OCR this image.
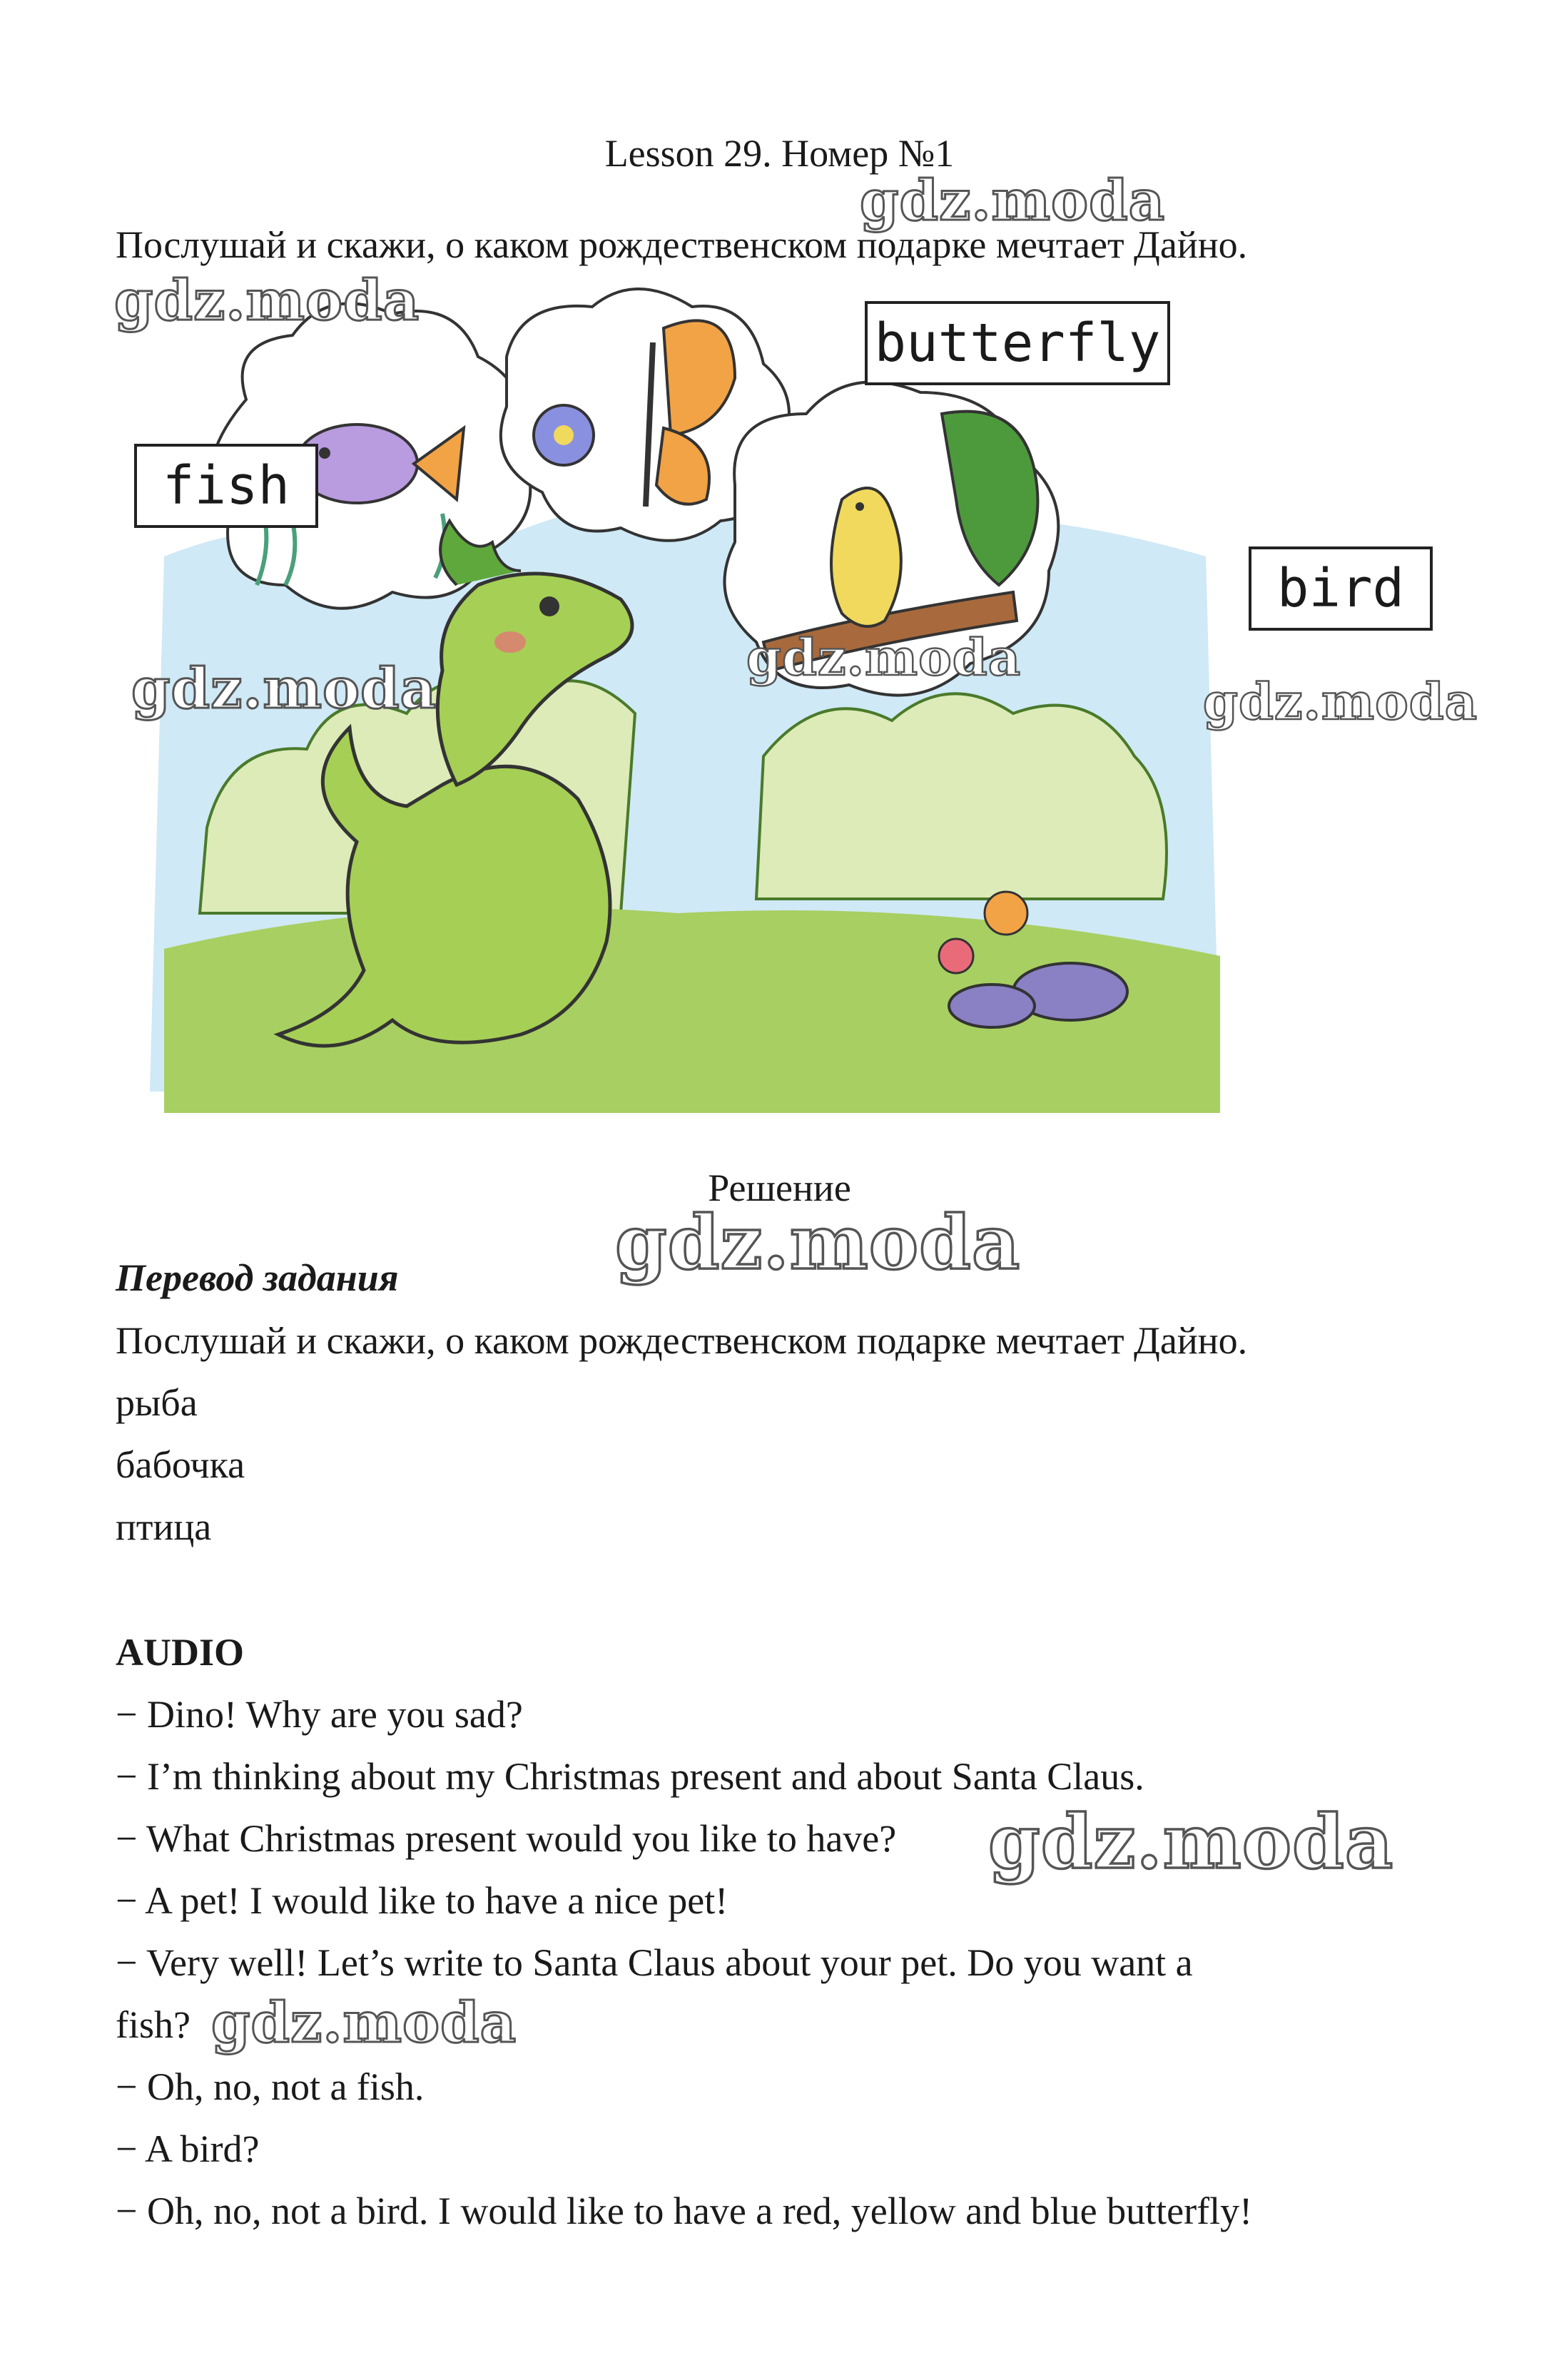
Lesson 29. Номер №1
Послушай и скажи, о каком рождественском подарке мечтает Дайно.
fish
butterfly
bird
Решение
Перевод задания
Послушай и скажи, о каком рождественском подарке мечтает Дайно.
рыба
бабочка
птица
AUDIO
− Dino! Why are you sad?
− I’m thinking about my Christmas present and about Santa Claus.
− What Christmas present would you like to have?
− A pet! I would like to have a nice pet!
− Very well! Let’s write to Santa Claus about your pet. Do you want a
fish?
− Oh, no, not a fish.
− A bird?
− Oh, no, not a bird. I would like to have a red, yellow and blue butterfly!
gdz.moda
gdz.moda
gdz.moda
gdz.moda	gdz.moda
gdz.moda
gdz.moda
gdz.moda
